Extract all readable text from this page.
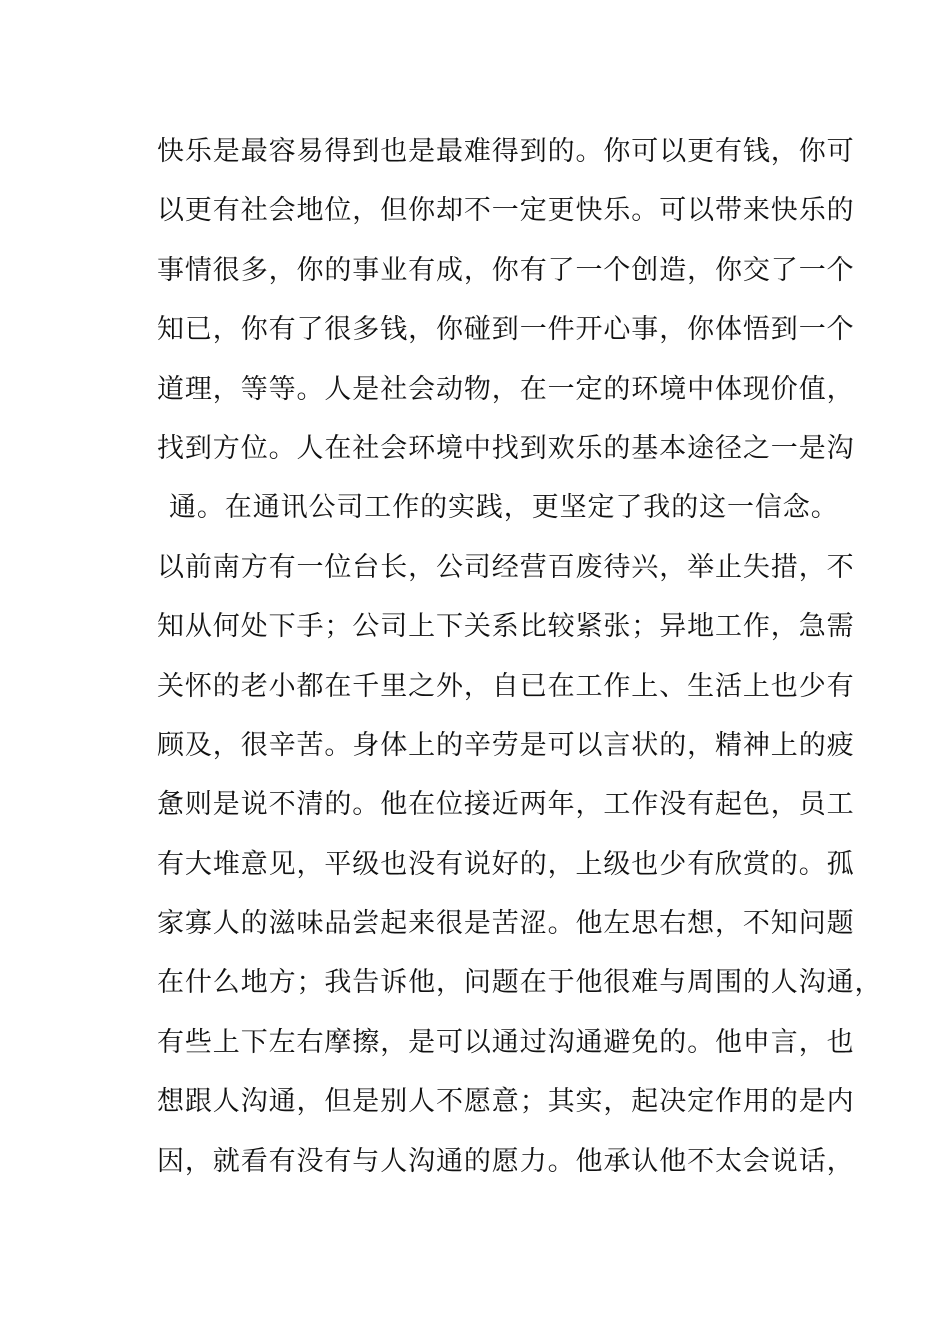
快乐是最容易得到也是最难得到的。你可以更有钱，你可
以更有社会地位，但你却不一定更快乐。可以带来快乐的
事情很多，你的事业有成，你有了一个创造，你交了一个
知已，你有了很多钱，你碰到一件开心事，你体悟到一个
道理，等等。人是社会动物，在一定的环境中体现价值，
找到方位。人在社会环境中找到欢乐的基本途径之一是沟
通。在通讯公司工作的实践，更坚定了我的这一信念。
以前南方有一位台长，公司经营百废待兴，举止失措，不
知从何处下手；公司上下关系比较紧张；异地工作，急需
关怀的老小都在千里之外，自已在工作上、生活上也少有
顾及，很辛苦。身体上的辛劳是可以言状的，精神上的疲
惫则是说不清的。他在位接近两年，工作没有起色，员工
有大堆意见，平级也没有说好的，上级也少有欣赏的。孤
家寡人的滋味品尝起来很是苦涩。他左思右想，不知问题
在什么地方；我告诉他，问题在于他很难与周围的人沟通，
有些上下左右摩擦，是可以通过沟通避免的。他申言，也
想跟人沟通，但是别人不愿意；其实，起决定作用的是内
因，就看有没有与人沟通的愿力。他承认他不太会说话，
